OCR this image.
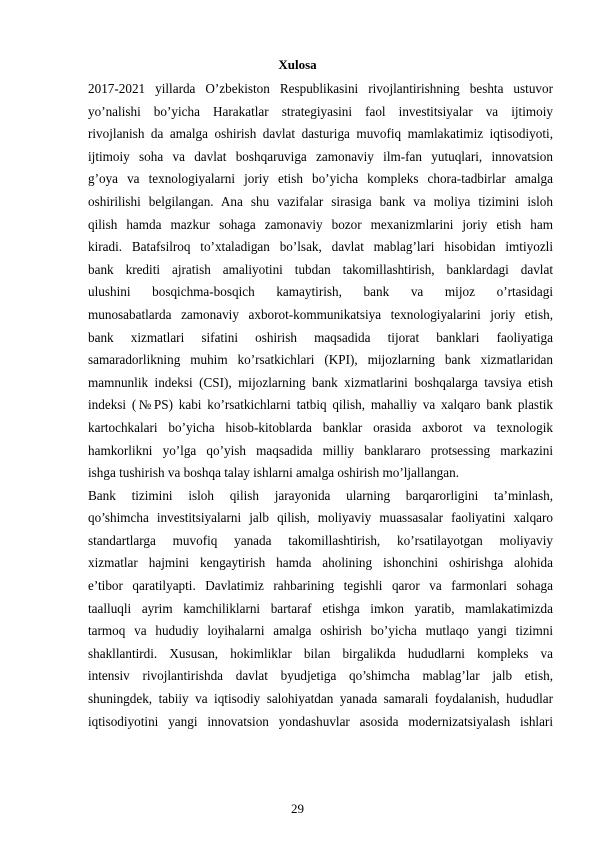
Xulosa
2017-2021 yillarda O’zbekiston Respublikasini rivojlantirishning beshta ustuvor
yo’nalishi bo’yicha Harakatlar strategiyasini faol investitsiyalar va ijtimoiy
rivojlanish da amalga oshirish davlat dasturiga muvofiq mamlakatimiz iqtisodiyoti,
ijtimoiy soha va davlat boshqaruviga zamonaviy ilm-fan yutuqlari, innovatsion
g’oya va texnologiyalarni joriy etish bo’yicha kompleks chora-tadbirlar amalga
oshirilishi belgilangan. Ana shu vazifalar sirasiga bank va moliya tizimini isloh
qilish hamda mazkur sohaga zamonaviy bozor mexanizmlarini joriy etish ham
kiradi. Batafsilroq to’xtaladigan bo’lsak, davlat mablag’lari hisobidan imtiyozli
bank krediti ajratish amaliyotini tubdan takomillashtirish, banklardagi davlat
ulushini bosqichma-bosqich kamaytirish, bank va mijoz o’rtasidagi
munosabatlarda zamonaviy axborot-kommunikatsiya texnologiyalarini joriy etish,
bank xizmatlari sifatini oshirish maqsadida tijorat banklari faoliyatiga
samaradorlikning muhim ko’rsatkichlari (KPI), mijozlarning bank xizmatlaridan
mamnunlik indeksi (CSI), mijozlarning bank xizmatlarini boshqalarga tavsiya etish
indeksi (№PS) kabi ko’rsatkichlarni tatbiq qilish, mahalliy va xalqaro bank plastik
kartochkalari bo’yicha hisob-kitoblarda banklar orasida axborot va texnologik
hamkorlikni yo’lga qo’yish maqsadida milliy banklararo protsessing markazini
ishga tushirish va boshqa talay ishlarni amalga oshirish mo’ljallangan.
Bank tizimini isloh qilish jarayonida ularning barqarorligini ta’minlash,
qo’shimcha investitsiyalarni jalb qilish, moliyaviy muassasalar faoliyatini xalqaro
standartlarga muvofiq yanada takomillashtirish, ko’rsatilayotgan moliyaviy
xizmatlar hajmini kengaytirish hamda aholining ishonchini oshirishga alohida
e’tibor qaratilyapti. Davlatimiz rahbarining tegishli qaror va farmonlari sohaga
taalluqli ayrim kamchiliklarni bartaraf etishga imkon yaratib, mamlakatimizda
tarmoq va hududiy loyihalarni amalga oshirish bo’yicha mutlaqo yangi tizimni
shakllantirdi. Xususan, hokimliklar bilan birgalikda hududlarni kompleks va
intensiv rivojlantirishda davlat byudjetiga qo’shimcha mablag’lar jalb etish,
shuningdek, tabiiy va iqtisodiy salohiyatdan yanada samarali foydalanish, hududlar
iqtisodiyotini yangi innovatsion yondashuvlar asosida modernizatsiyalash ishlari
29
